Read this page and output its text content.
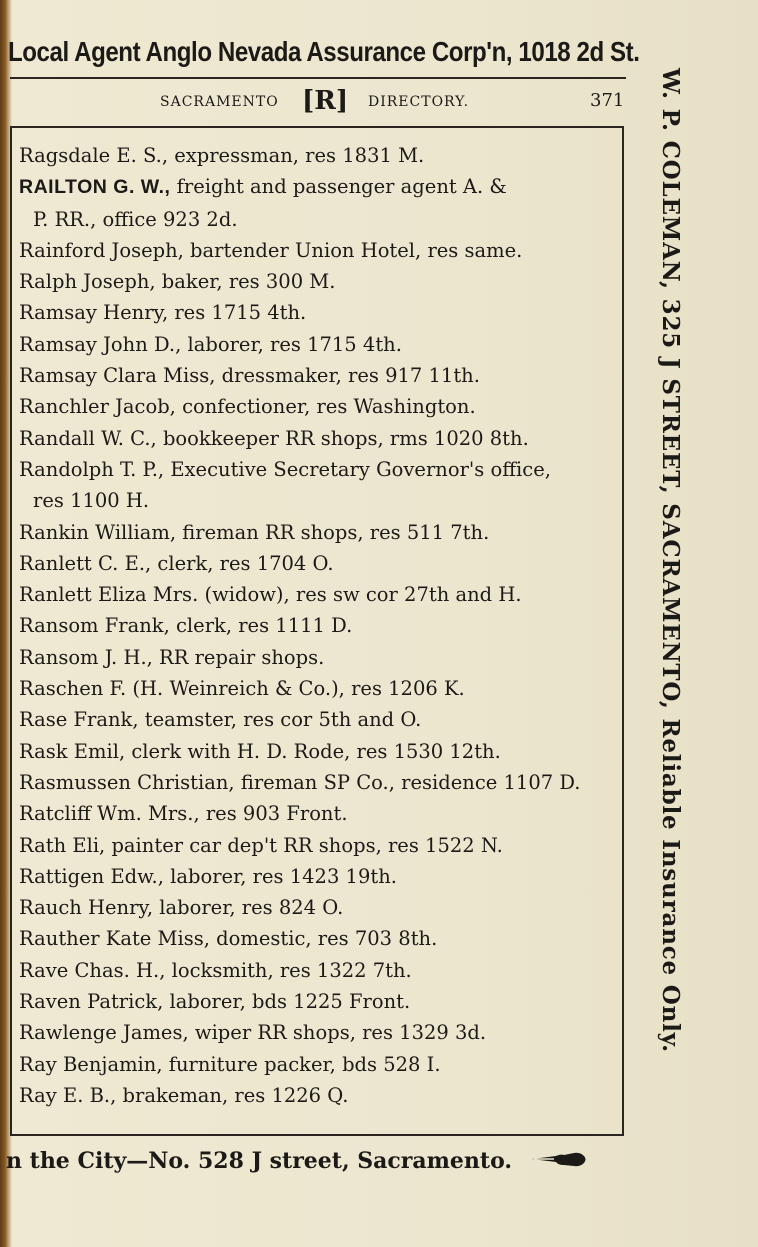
Local Agent Anglo Nevada Assurance Corp'n, 1018 2d St.
SACRAMENTO [R] DIRECTORY.	371
Ragsdale E. S., expressman, res 1831 M.
RAILTON G. W., freight and passenger agent A. &
P. RR., office 923 2d.
Rainford Joseph, bartender Union Hotel, res same.
Ralph Joseph, baker, res 300 M.
Ramsay Henry, res 1715 4th.
Ramsay John D., laborer, res 1715 4th.
Ramsay Clara Miss, dressmaker, res 917 11th.
Ranchler Jacob, confectioner, res Washington.
Randall W. C., bookkeeper RR shops, rms 1020 8th.
Randolph T. P., Executive Secretary Governor's office,
res 1100 H.
Rankin William, fireman RR shops, res 511 7th.
Ranlett C. E., clerk, res 1704 O.
Ranlett Eliza Mrs. (widow), res sw cor 27th and H.
Ransom Frank, clerk, res 1111 D.
Ransom J. H., RR repair shops.
Raschen F. (H. Weinreich & Co.), res 1206 K.
Rase Frank, teamster, res cor 5th and O.
Rask Emil, clerk with H. D. Rode, res 1530 12th.
Rasmussen Christian, fireman SP Co., residence 1107 D.
Ratcliff Wm. Mrs., res 903 Front.
Rath Eli, painter car dep't RR shops, res 1522 N.
Rattigen Edw., laborer, res 1423 19th.
Rauch Henry, laborer, res 824 O.
Rauther Kate Miss, domestic, res 703 8th.
Rave Chas. H., locksmith, res 1322 7th.
Raven Patrick, laborer, bds 1225 Front.
Rawlenge James, wiper RR shops, res 1329 3d.
Ray Benjamin, furniture packer, bds 528 I.
Ray E. B., brakeman, res 1226 Q.
W. P. COLEMAN, 325 J STREET, SACRAMENTO, Reliable Insurance Only.
n the City—No. 528 J street, Sacramento.
